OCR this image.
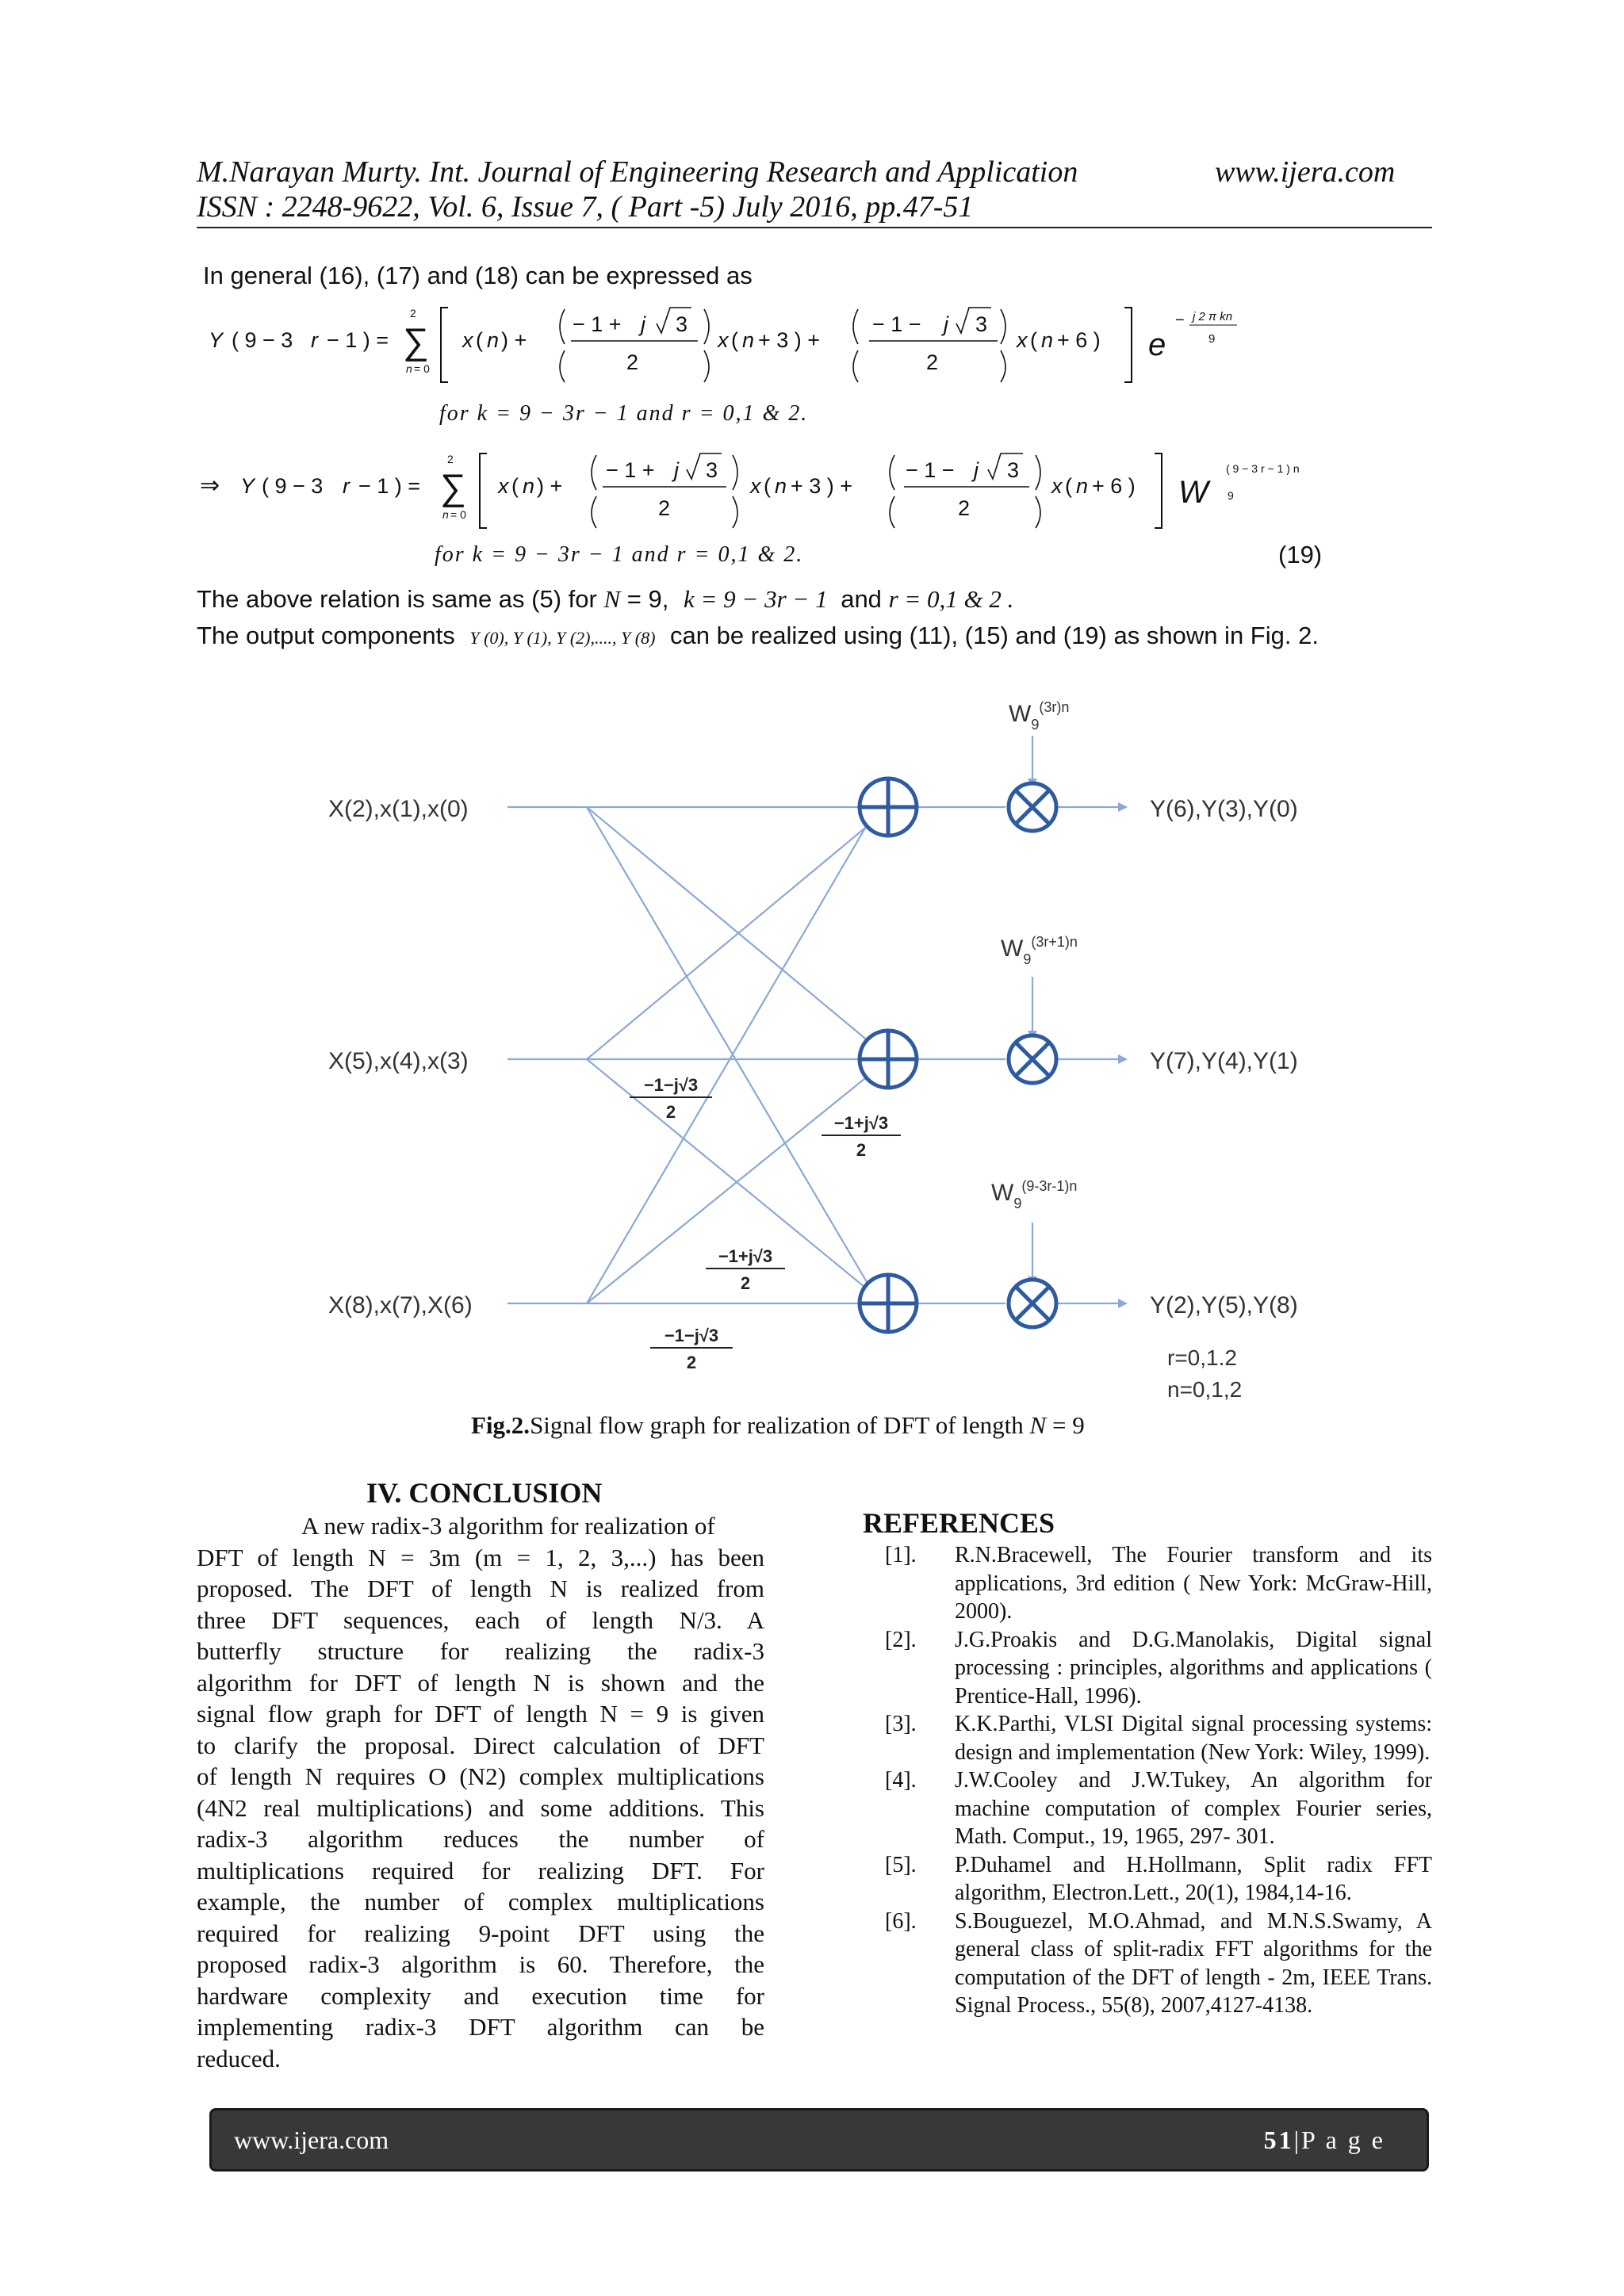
M.Narayan Murty. Int. Journal of Engineering Research and Application	www.ijera.com
ISSN : 2248-9622, Vol. 6, Issue 7, ( Part -5) July 2016, pp.47-51
In general (16), (17) and (18) can be expressed as
Y ( 9 − 3 r − 1 ) =
2
∑
n = 0
x ( n ) +
− 1 + j 3
2
x ( n + 3 ) +
− 1 − j 3
2
x ( n + 6 ) e
− j 2 π kn
9
⇒ Y ( 9 − 3 r − 1 ) =
2
∑
n = 0
x ( n ) +
− 1 + j 3
2
x ( n + 3 ) +
− 1 − j 3
2
x ( n + 6 ) W
( 9 − 3 r − 1 ) n
9
for k = 9 − 3r − 1 and r = 0,1 & 2.
for k = 9 − 3r − 1 and r = 0,1 & 2.	(19)
The above relation is same as (5) for N = 9, k = 9 − 3r − 1 and r = 0,1 & 2 .
The output components Y (0), Y (1), Y (2),...., Y (8) can be realized using (11), (15) and (19) as shown in Fig. 2.
X(2),x(1),x(0)
X(5),x(4),x(3)
X(8),x(7),X(6)
Y(6),Y(3),Y(0)
Y(7),Y(4),Y(1)
Y(2),Y(5),Y(8)
$W_9^{(3r)n}$
$W_9^{(3r+1)n}$
$W_9^{(9-3r-1)n}$
−1−j√3
2
−1+j√3
2
−1+j√3
2
−1−j√3
2	r=0,1.2
n=0,1,2
Fig.2.Signal flow graph for realization of DFT of length N = 9
IV. CONCLUSION
A new radix-3 algorithm for realization of
DFT of length N = 3m (m = 1, 2, 3,...) has been
proposed. The DFT of length N is realized from
three DFT sequences, each of length N/3. A
butterfly structure for realizing the radix-3
algorithm for DFT of length N is shown and the
signal flow graph for DFT of length N = 9 is given
to clarify the proposal. Direct calculation of DFT
of length N requires O (N2) complex multiplications
(4N2 real multiplications) and some additions. This
radix-3 algorithm reduces the number of
multiplications required for realizing DFT. For
example, the number of complex multiplications
required for realizing 9-point DFT using the
proposed radix-3 algorithm is 60. Therefore, the
hardware complexity and execution time for
implementing radix-3 DFT algorithm can be
reduced.
REFERENCES
[1].	R.N.Bracewell, The Fourier transform and its applications, 3rd edition ( New York: McGraw-Hill, 2000).
[2].	J.G.Proakis and D.G.Manolakis, Digital signal processing : principles, algorithms and applications ( Prentice-Hall, 1996).
[3].	K.K.Parthi, VLSI Digital signal processing systems: design and implementation (New York: Wiley, 1999).
[4].	J.W.Cooley and J.W.Tukey, An algorithm for machine computation of complex Fourier series, Math. Comput., 19, 1965, 297- 301.
[5].	P.Duhamel and H.Hollmann, Split radix FFT algorithm, Electron.Lett., 20(1), 1984,14-16.
[6].	S.Bouguezel, M.O.Ahmad, and M.N.S.Swamy, A general class of split-radix FFT algorithms for the computation of the DFT of length - 2m, IEEE Trans. Signal Process., 55(8), 2007,4127-4138.
www.ijera.com	51|P a g e
